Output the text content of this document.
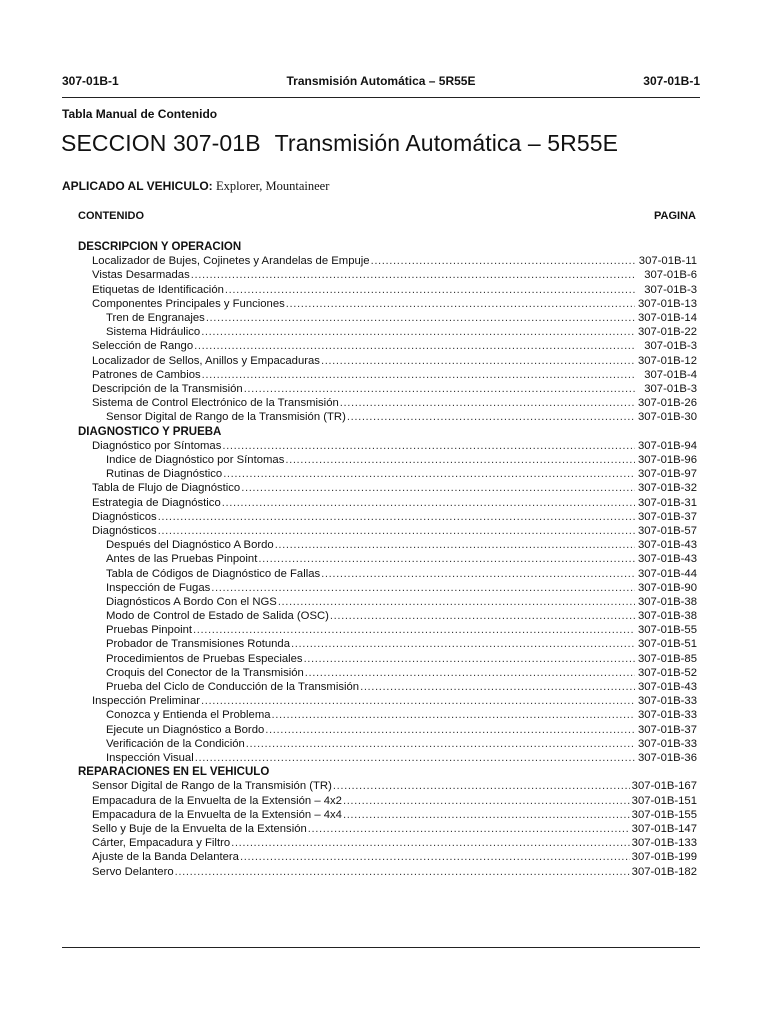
307-01B-1	Transmisión Automática – 5R55E	307-01B-1
Tabla Manual de Contenido
SECCION 307-01B Transmisión Automática – 5R55E
APLICADO AL VEHICULO: Explorer, Mountaineer
CONTENIDO	PAGINA
DESCRIPCION Y OPERACION
Localizador de Bujes, Cojinetes y Arandelas de Empuje .....	307-01B-11
Vistas Desarmadas .....	307-01B-6
Etiquetas de Identificación .....	307-01B-3
Componentes Principales y Funciones .....	307-01B-13
Tren de Engranajes .....	307-01B-14
Sistema Hidráulico .....	307-01B-22
Selección de Rango .....	307-01B-3
Localizador de Sellos, Anillos y Empacaduras .....	307-01B-12
Patrones de Cambios .....	307-01B-4
Descripción de la Transmisión .....	307-01B-3
Sistema de Control Electrónico de la Transmisión .....	307-01B-26
Sensor Digital de Rango de la Transmisión (TR) .....	307-01B-30
DIAGNOSTICO Y PRUEBA
Diagnóstico por Síntomas .....	307-01B-94
Indice de Diagnóstico por Síntomas .....	307-01B-96
Rutinas de Diagnóstico .....	307-01B-97
Tabla de Flujo de Diagnóstico .....	307-01B-32
Estrategia de Diagnóstico .....	307-01B-31
Diagnósticos .....	307-01B-37
Diagnósticos .....	307-01B-57
Después del Diagnóstico A Bordo .....	307-01B-43
Antes de las Pruebas Pinpoint .....	307-01B-43
Tabla de Códigos de Diagnóstico de Fallas .....	307-01B-44
Inspección de Fugas .....	307-01B-90
Diagnósticos A Bordo Con el NGS .....	307-01B-38
Modo de Control de Estado de Salida (OSC) .....	307-01B-38
Pruebas Pinpoint .....	307-01B-55
Probador de Transmisiones Rotunda .....	307-01B-51
Procedimientos de Pruebas Especiales .....	307-01B-85
Croquis del Conector de la Transmisión .....	307-01B-52
Prueba del Ciclo de Conducción de la Transmisión .....	307-01B-43
Inspección Preliminar .....	307-01B-33
Conozca y Entienda el Problema .....	307-01B-33
Ejecute un Diagnóstico a Bordo .....	307-01B-37
Verificación de la Condición .....	307-01B-33
Inspección Visual .....	307-01B-36
REPARACIONES EN EL VEHICULO
Sensor Digital de Rango de la Transmisión (TR) .....	307-01B-167
Empacadura de la Envuelta de la Extensión – 4x2 .....	307-01B-151
Empacadura de la Envuelta de la Extensión – 4x4 .....	307-01B-155
Sello y Buje de la Envuelta de la Extensión .....	307-01B-147
Cárter, Empacadura y Filtro .....	307-01B-133
Ajuste de la Banda Delantera .....	307-01B-199
Servo Delantero .....	307-01B-182
